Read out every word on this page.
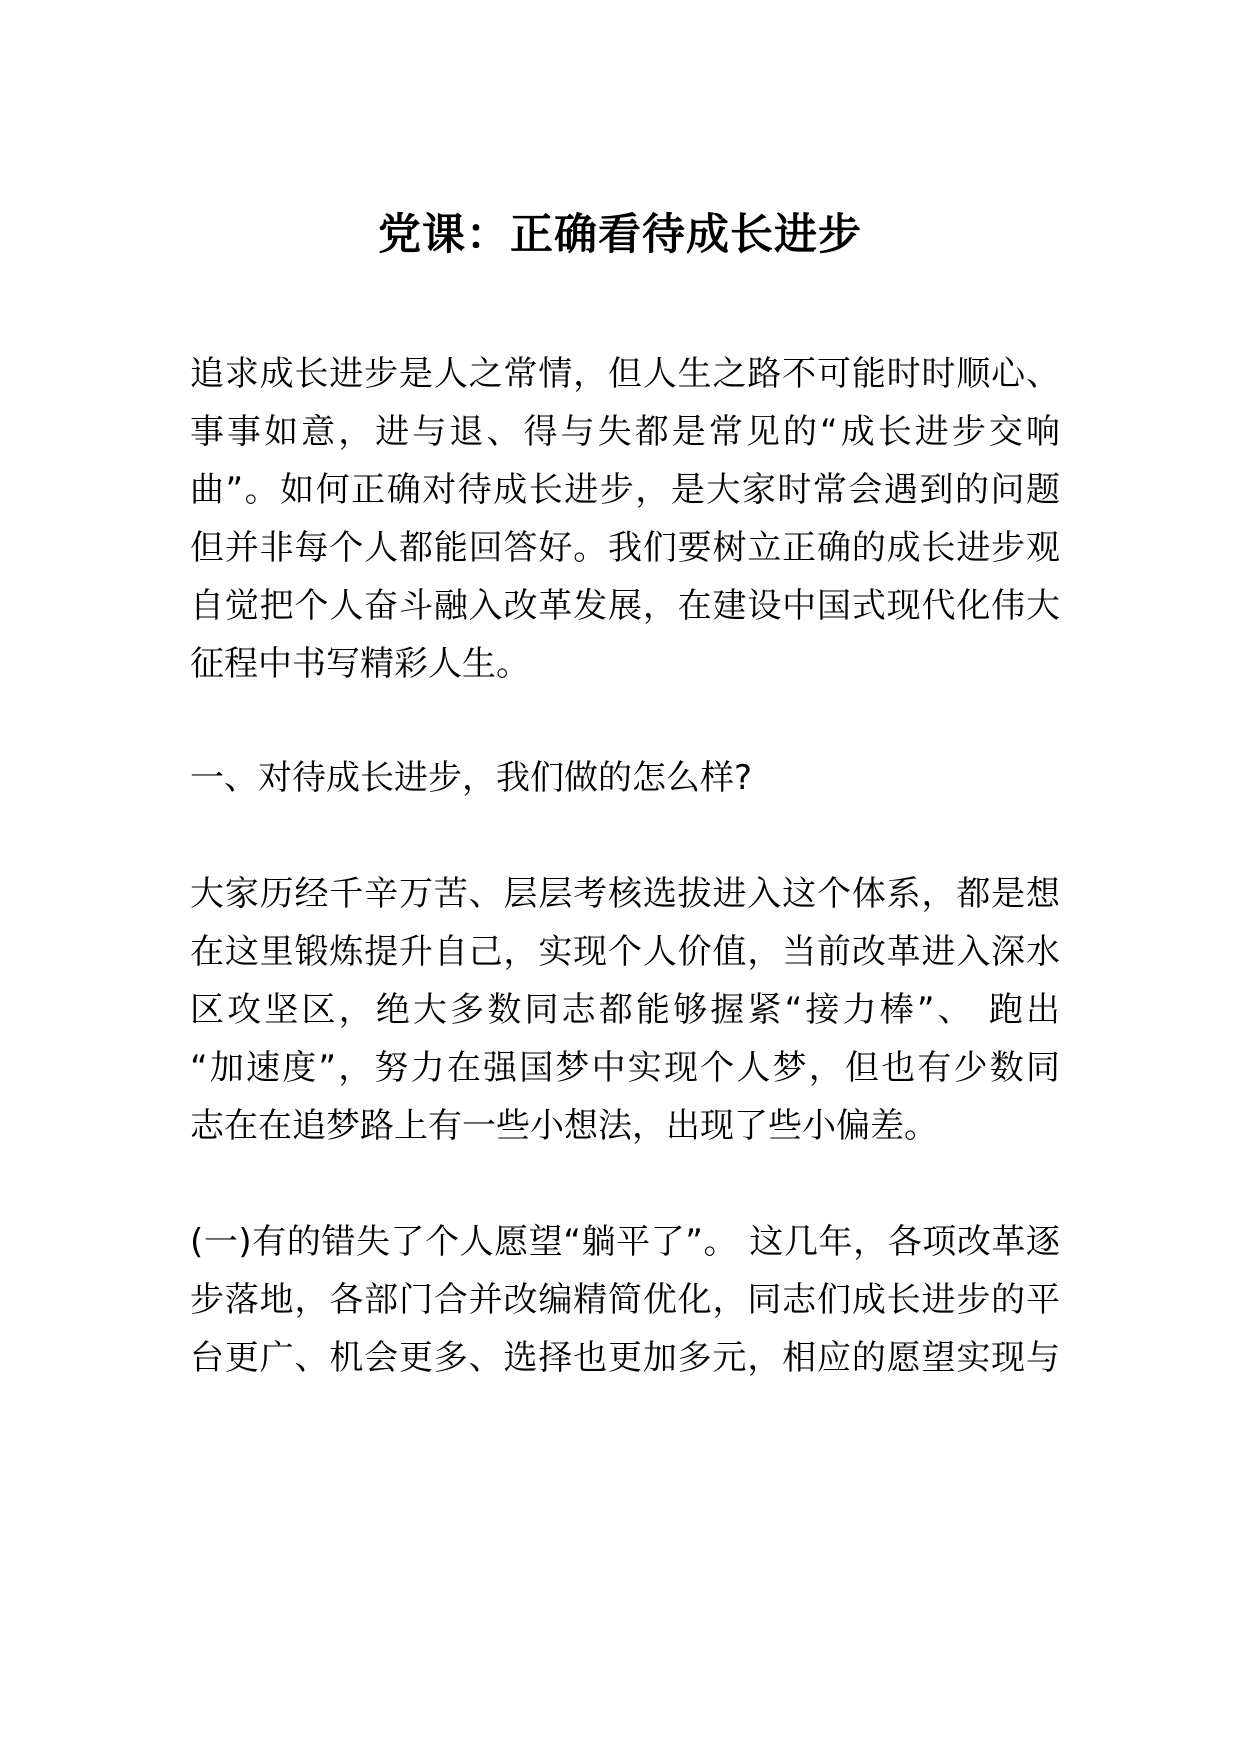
党课：正确看待成长进步
追求成长进步是人之常情，但人生之路不可能时时顺心、
事事如意，进与退、得与失都是常见的“成长进步交响
曲”。如何正确对待成长进步，是大家时常会遇到的问题
但并非每个人都能回答好。我们要树立正确的成长进步观
自觉把个人奋斗融入改革发展，在建设中国式现代化伟大
征程中书写精彩人生。
一、对待成长进步，我们做的怎么样?
大家历经千辛万苦、层层考核选拔进入这个体系，都是想
在这里锻炼提升自己，实现个人价值，当前改革进入深水
区攻坚区，绝大多数同志都能够握紧“接力棒”、 跑出
“加速度”，努力在强国梦中实现个人梦，但也有少数同
志在在追梦路上有一些小想法，出现了些小偏差。
(一)有的错失了个人愿望“躺平了”。 这几年，各项改革逐
步落地，各部门合并改编精简优化，同志们成长进步的平
台更广、机会更多、选择也更加多元，相应的愿望实现与
